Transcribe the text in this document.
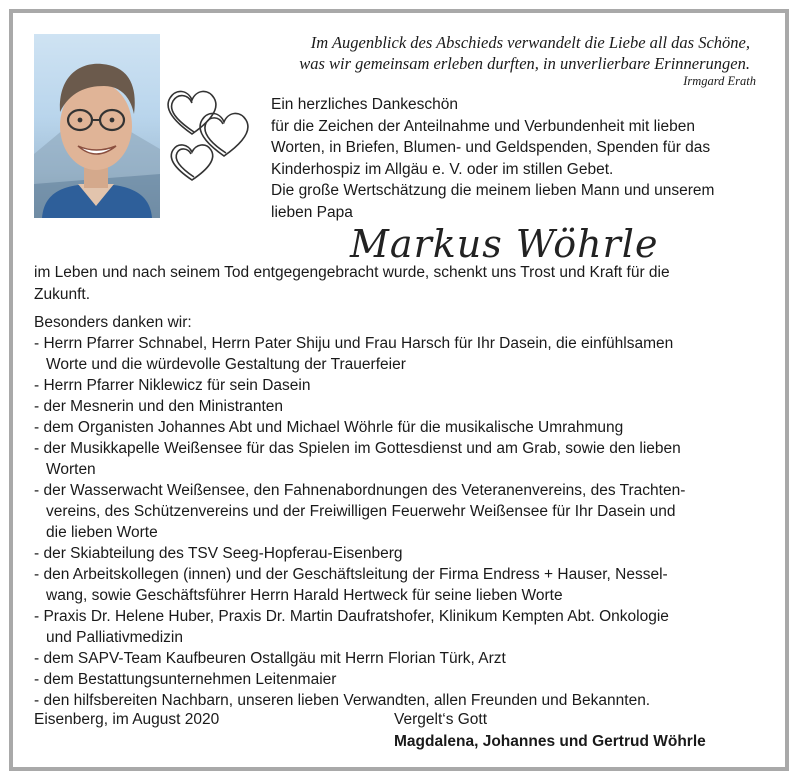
Im Augenblick des Abschieds verwandelt die Liebe all das Schöne,
was wir gemeinsam erleben durften, in unverlierbare Erinnerungen.
Irmgard Erath
Ein herzliches Dankeschön
für die Zeichen der Anteilnahme und Verbundenheit mit lieben
Worten, in Briefen, Blumen- und Geldspenden, Spenden für das
Kinderhospiz im Allgäu e. V. oder im stillen Gebet.
Die große Wertschätzung die meinem lieben Mann und unserem
lieben Papa
Markus Wöhrle
im Leben und nach seinem Tod entgegengebracht wurde, schenkt uns Trost und Kraft für die
Zukunft.
Besonders danken wir:
- Herrn Pfarrer Schnabel, Herrn Pater Shiju und Frau Harsch für Ihr Dasein, die einfühlsamen
Worte und die würdevolle Gestaltung der Trauerfeier
- Herrn Pfarrer Niklewicz für sein Dasein
- der Mesnerin und den Ministranten
- dem Organisten Johannes Abt und Michael Wöhrle für die musikalische Umrahmung
- der Musikkapelle Weißensee für das Spielen im Gottesdienst und am Grab, sowie den lieben
Worten
- der Wasserwacht Weißensee, den Fahnenabordnungen des Veteranenvereins, des Trachten-
vereins, des Schützenvereins und der Freiwilligen Feuerwehr Weißensee für Ihr Dasein und
die lieben Worte
- der Skiabteilung des TSV Seeg-Hopferau-Eisenberg
- den Arbeitskollegen (innen) und der Geschäftsleitung der Firma Endress + Hauser, Nessel-
wang, sowie Geschäftsführer Herrn Harald Hertweck für seine lieben Worte
- Praxis Dr. Helene Huber, Praxis Dr. Martin Daufratshofer, Klinikum Kempten Abt. Onkologie
und Palliativmedizin
- dem SAPV-Team Kaufbeuren Ostallgäu mit Herrn Florian Türk, Arzt
- dem Bestattungsunternehmen Leitenmaier
- den hilfsbereiten Nachbarn, unseren lieben Verwandten, allen Freunden und Bekannten.
Eisenberg, im August 2020	Vergelt‘s Gott
Magdalena, Johannes und Gertrud Wöhrle
